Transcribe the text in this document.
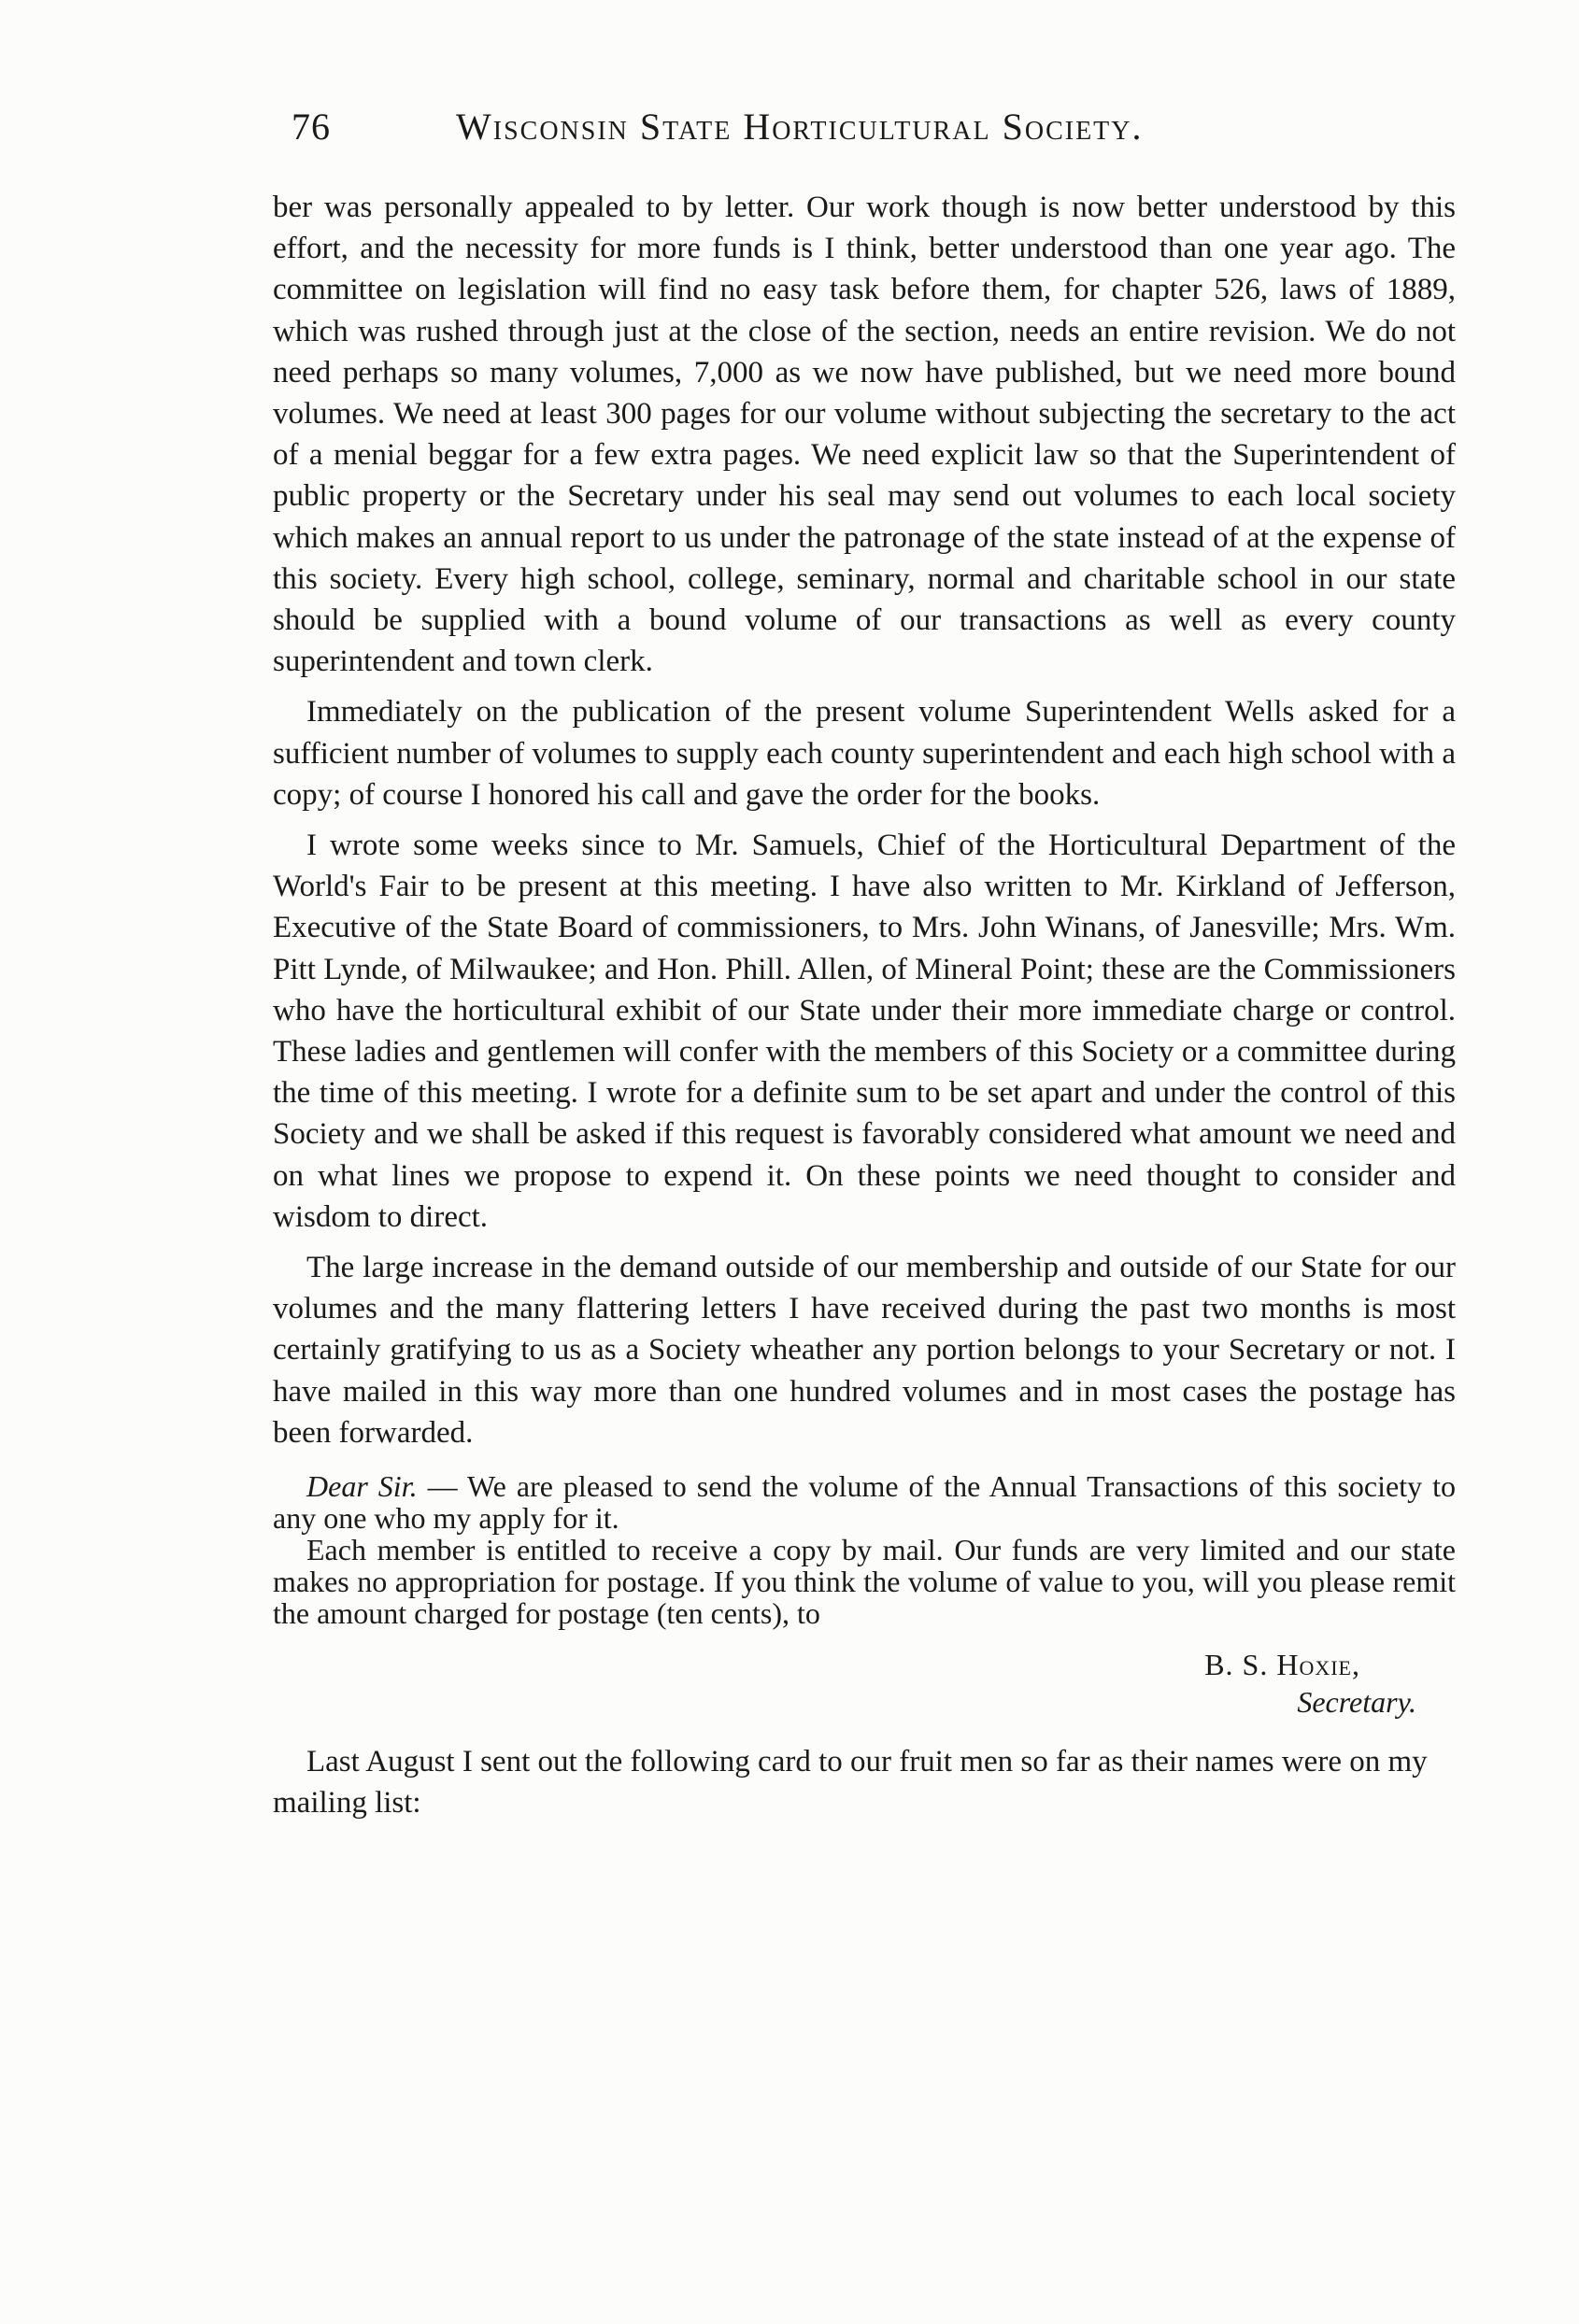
76	Wisconsin State Horticultural Society.

ber was personally appealed to by letter. Our work though is now better understood by this effort, and the necessity for more funds is I think, better understood than one year ago. The committee on legislation will find no easy task before them, for chapter 526, laws of 1889, which was rushed through just at the close of the section, needs an entire revision. We do not need perhaps so many volumes, 7,000 as we now have published, but we need more bound volumes. We need at least 300 pages for our volume without subjecting the secretary to the act of a menial beggar for a few extra pages. We need explicit law so that the Superintendent of public property or the Secretary under his seal may send out volumes to each local society which makes an annual report to us under the patronage of the state instead of at the expense of this society. Every high school, college, seminary, normal and charitable school in our state should be supplied with a bound volume of our transactions as well as every county superintendent and town clerk.

Immediately on the publication of the present volume Superintendent Wells asked for a sufficient number of volumes to supply each county superintendent and each high school with a copy; of course I honored his call and gave the order for the books.

I wrote some weeks since to Mr. Samuels, Chief of the Horticultural Department of the World's Fair to be present at this meeting. I have also written to Mr. Kirkland of Jefferson, Executive of the State Board of commissioners, to Mrs. John Winans, of Janesville; Mrs. Wm. Pitt Lynde, of Milwaukee; and Hon. Phill. Allen, of Mineral Point; these are the Commissioners who have the horticultural exhibit of our State under their more immediate charge or control. These ladies and gentlemen will confer with the members of this Society or a committee during the time of this meeting. I wrote for a definite sum to be set apart and under the control of this Society and we shall be asked if this request is favorably considered what amount we need and on what lines we propose to expend it. On these points we need thought to consider and wisdom to direct.

The large increase in the demand outside of our membership and outside of our State for our volumes and the many flattering letters I have received during the past two months is most certainly gratifying to us as a Society wheather any portion belongs to your Secretary or not. I have mailed in this way more than one hundred volumes and in most cases the postage has been forwarded.

Dear Sir. — We are pleased to send the volume of the Annual Transactions of this society to any one who my apply for it.

Each member is entitled to receive a copy by mail. Our funds are very limited and our state makes no appropriation for postage. If you think the volume of value to you, will you please remit the amount charged for postage (ten cents), to

B. S. Hoxie,
Secretary.

Last August I sent out the following card to our fruit men so far as their names were on my mailing list:
